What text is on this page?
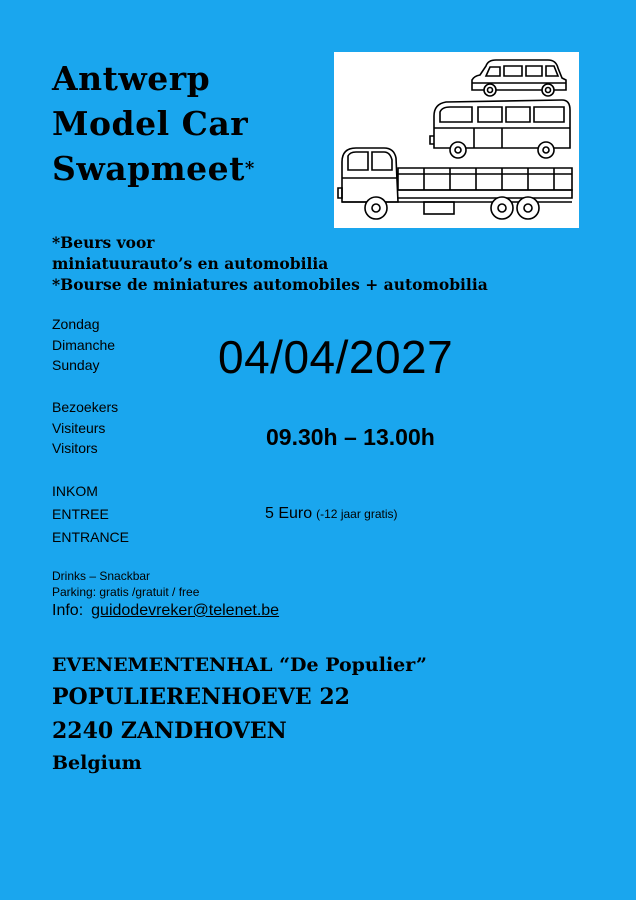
Antwerp
Model Car
Swapmeet*
*Beurs voor
miniatuurauto’s en automobilia
*Bourse de miniatures automobiles + automobilia
Zondag
Dimanche
Sunday	04/04/2027
Bezoekers
Visiteurs
Visitors	09.30h – 13.00h
INKOM
ENTREE
ENTRANCE
5 Euro (-12 jaar gratis)
Drinks – Snackbar
Parking: gratis /gratuit / free
Info: guidodevreker@telenet.be
EVENEMENTENHAL “De Populier”
POPULIERENHOEVE 22
2240 ZANDHOVEN
Belgium
